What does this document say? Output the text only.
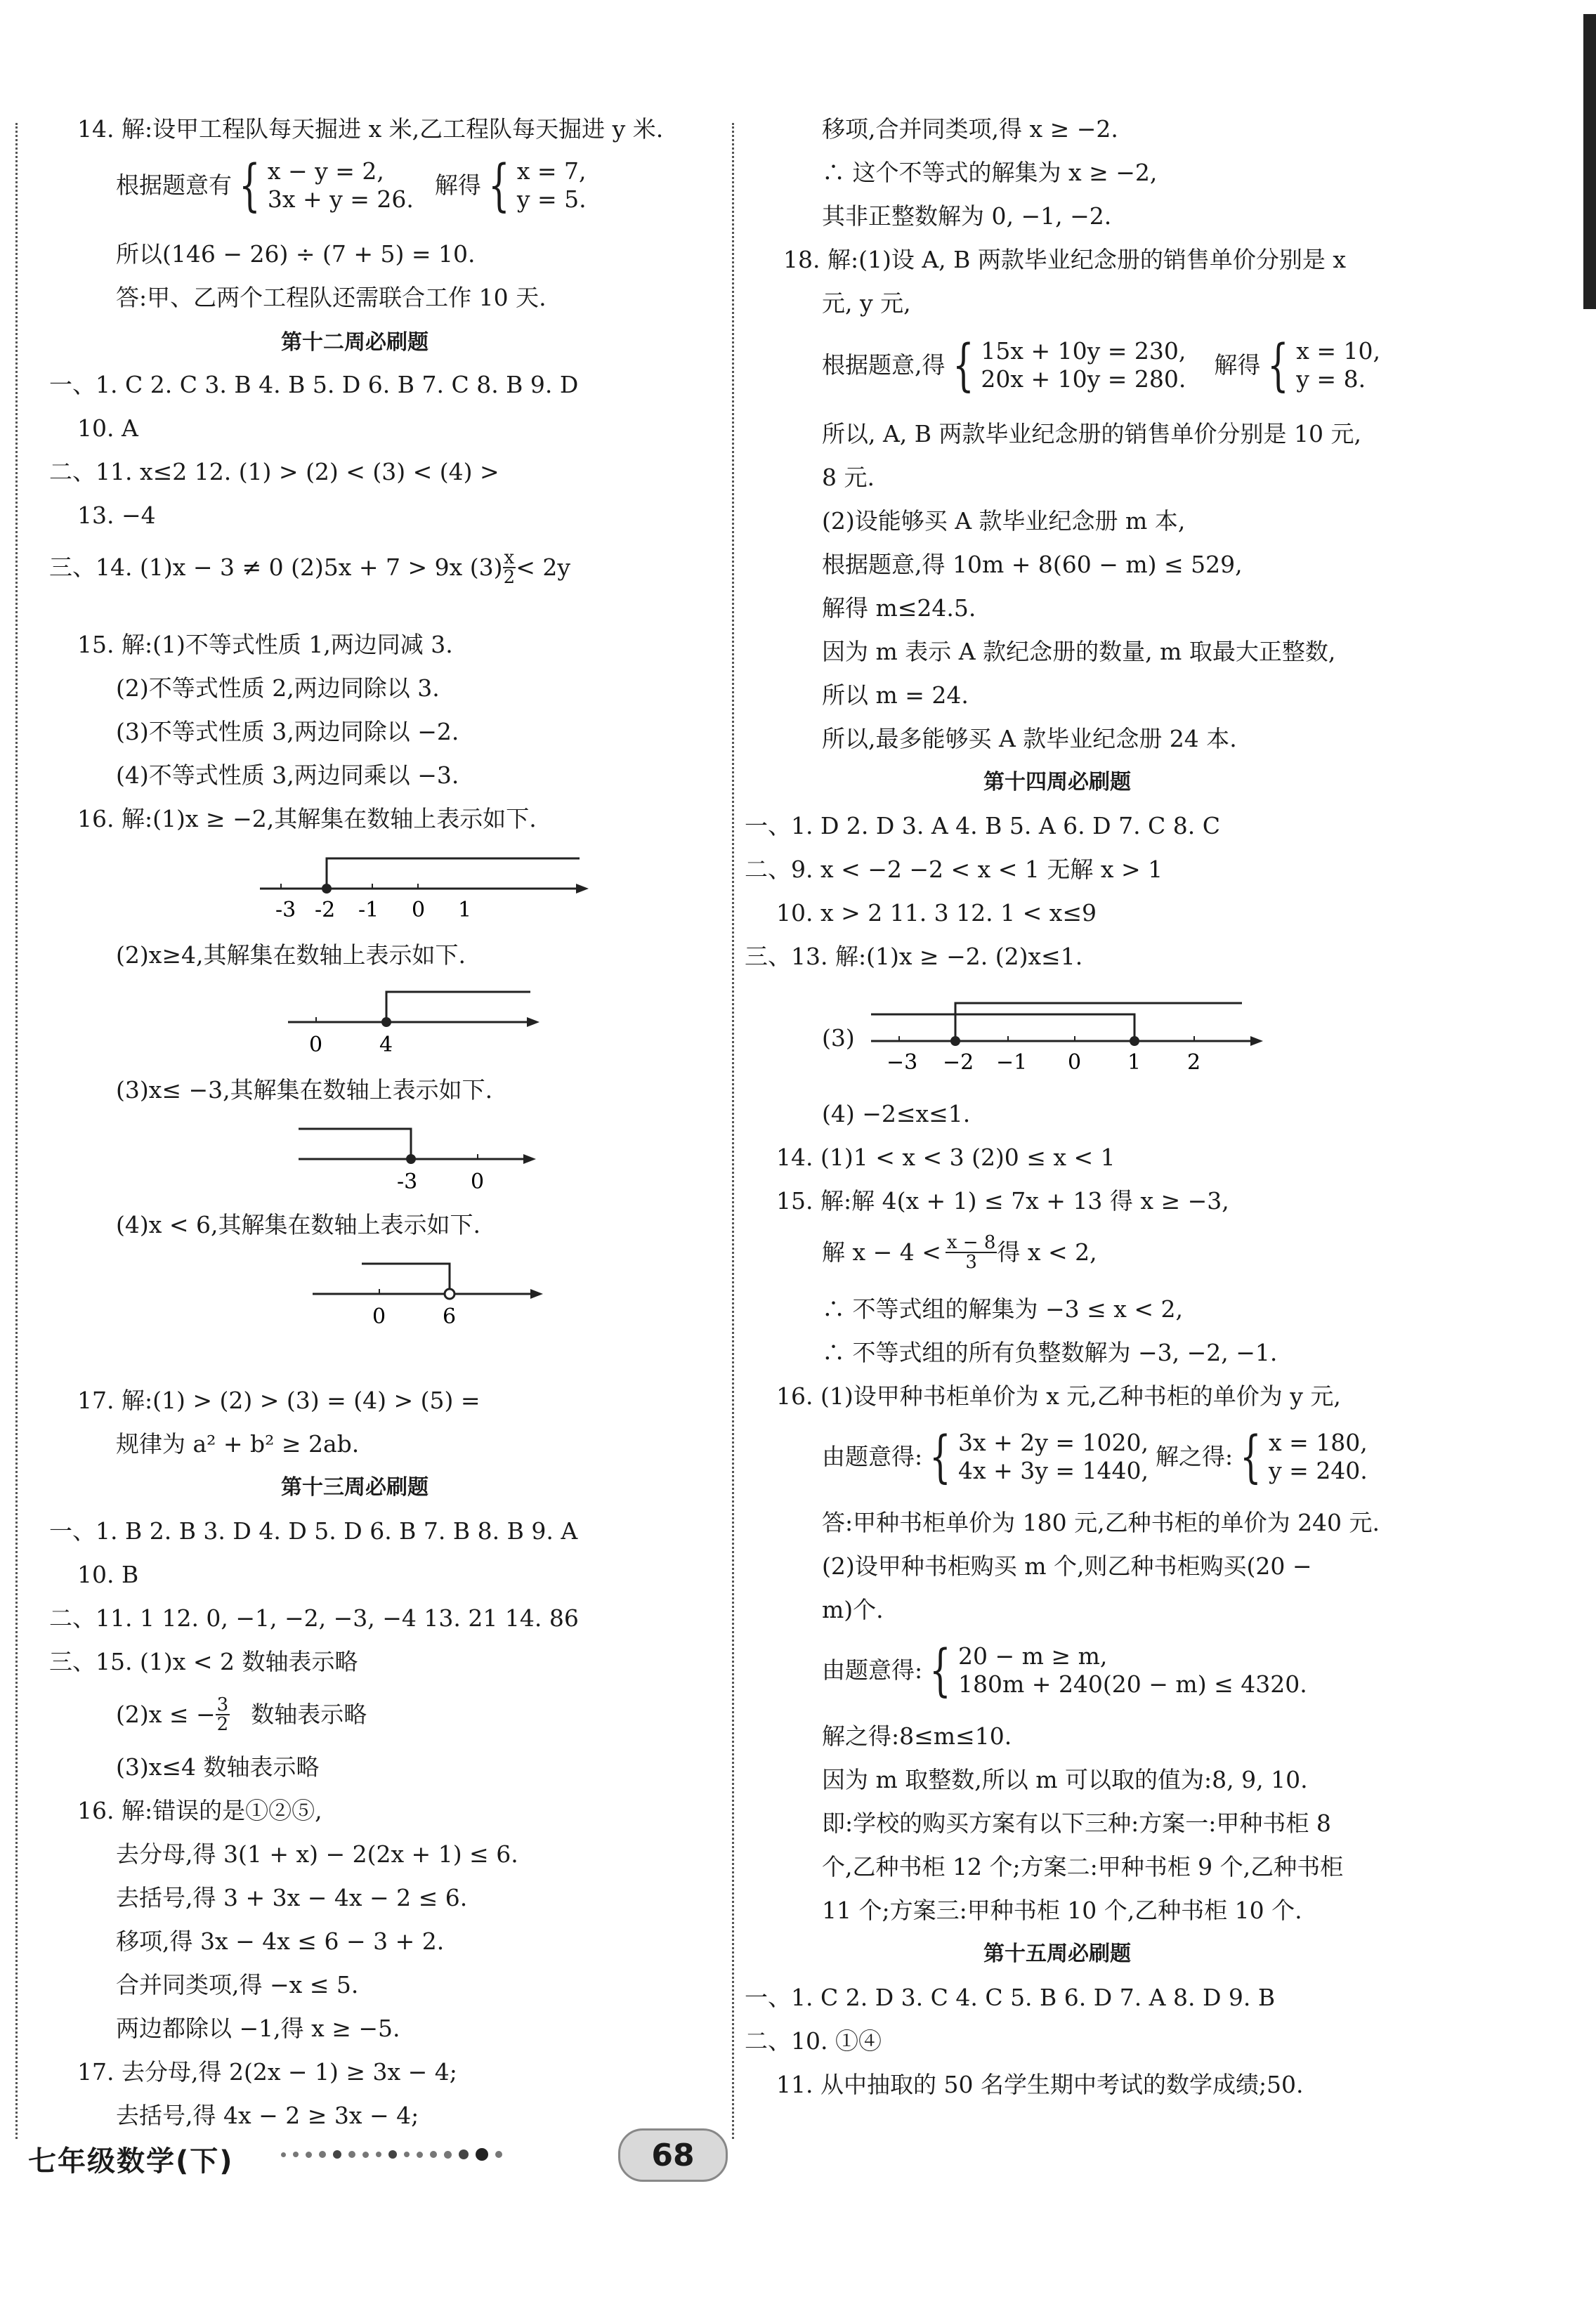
14. 解:设甲工程队每天掘进 x 米,乙工程队每天掘进 y 米.
根据题意有 { x − y = 2,
3x + y = 26.
解得 { x = 7,
y = 5.
所以(146 − 26) ÷ (7 + 5) = 10.
答:甲、乙两个工程队还需联合工作 10 天.
第十二周必刷题
一、1. C 2. C 3. B 4. B 5. D 6. B 7. C 8. B 9. D
10. A
二、11. x≤2 12. (1) > (2) < (3) < (4) >
13. −4
三、14. (1)x − 3 ≠ 0 (2)5x + 7 > 9x $(3) \frac{x}{2} < 2y$
15. 解:(1)不等式性质 1,两边同减 3.
(2)不等式性质 2,两边同除以 3.
(3)不等式性质 3,两边同除以 −2.
(4)不等式性质 3,两边同乘以 −3.
16. 解:(1)x ≥ −2,其解集在数轴上表示如下.
-3 -2 -1 0 1
(2)x≥4,其解集在数轴上表示如下.
0	4
(3)x≤ −3,其解集在数轴上表示如下.
-3	0
(4)x < 6,其解集在数轴上表示如下.
0	6
17. 解:(1) > (2) > (3) = (4) > (5) =
规律为 a² + b² ≥ 2ab.
第十三周必刷题
一、1. B 2. B 3. D 4. D 5. D 6. B 7. B 8. B 9. A
10. B
二、11. 1 12. 0, −1, −2, −3, −4 13. 21 14. 86
三、15. (1)x < 2 数轴表示略
(2)x ≤ − $\frac{3}{2}$ 数轴表示略
(3)x≤4 数轴表示略
16. 解:错误的是①②⑤,
去分母,得 3(1 + x) − 2(2x + 1) ≤ 6.
去括号,得 3 + 3x − 4x − 2 ≤ 6.
移项,得 3x − 4x ≤ 6 − 3 + 2.
合并同类项,得 −x ≤ 5.
两边都除以 −1,得 x ≥ −5.
17. 去分母,得 2(2x − 1) ≥ 3x − 4;
去括号,得 4x − 2 ≥ 3x − 4;
移项,合并同类项,得 x ≥ −2.
∴ 这个不等式的解集为 x ≥ −2,
其非正整数解为 0, −1, −2.
18. 解:(1)设 A, B 两款毕业纪念册的销售单价分别是 x
元, y 元,
根据题意,得 { 15x + 10y = 230,
20x + 10y = 280.
解得 { x = 10,
y = 8.
所以, A, B 两款毕业纪念册的销售单价分别是 10 元,
8 元.
(2)设能够买 A 款毕业纪念册 m 本,
根据题意,得 10m + 8(60 − m) ≤ 529,
解得 m≤24.5.
因为 m 表示 A 款纪念册的数量, m 取最大正整数,
所以 m = 24.
所以,最多能够买 A 款毕业纪念册 24 本.
第十四周必刷题
一、1. D 2. D 3. A 4. B 5. A 6. D 7. C 8. C
二、9. x < −2 −2 < x < 1 无解 x > 1
10. x > 2 11. 3 12. 1 < x≤9
三、13. 解:(1)x ≥ −2. (2)x≤1.
(3)
−3 −2 −1 0 1 2
(4) −2≤x≤1.
14. (1)1 < x < 3 (2)0 ≤ x < 1
15. 解:解 4(x + 1) ≤ 7x + 13 得 x ≥ −3,
解 $x - 4 < \frac{x - 8}{3}$ 得 x < 2,
∴ 不等式组的解集为 −3 ≤ x < 2,
∴ 不等式组的所有负整数解为 −3, −2, −1.
16. (1)设甲种书柜单价为 x 元,乙种书柜的单价为 y 元,
由题意得: { 3x + 2y = 1020,
4x + 3y = 1440,
解之得: { x = 180,
y = 240.
答:甲种书柜单价为 180 元,乙种书柜的单价为 240 元.
(2)设甲种书柜购买 m 个,则乙种书柜购买(20 −
m)个.
由题意得: { 20 − m ≥ m,
180m + 240(20 − m) ≤ 4320.
解之得:8≤m≤10.
因为 m 取整数,所以 m 可以取的值为:8, 9, 10.
即:学校的购买方案有以下三种:方案一:甲种书柜 8
个,乙种书柜 12 个;方案二:甲种书柜 9 个,乙种书柜
11 个;方案三:甲种书柜 10 个,乙种书柜 10 个.
第十五周必刷题
一、1. C 2. D 3. C 4. C 5. B 6. D 7. A 8. D 9. B
二、10. ①④
11. 从中抽取的 50 名学生期中考试的数学成绩;50.
七年级数学(下)	68
